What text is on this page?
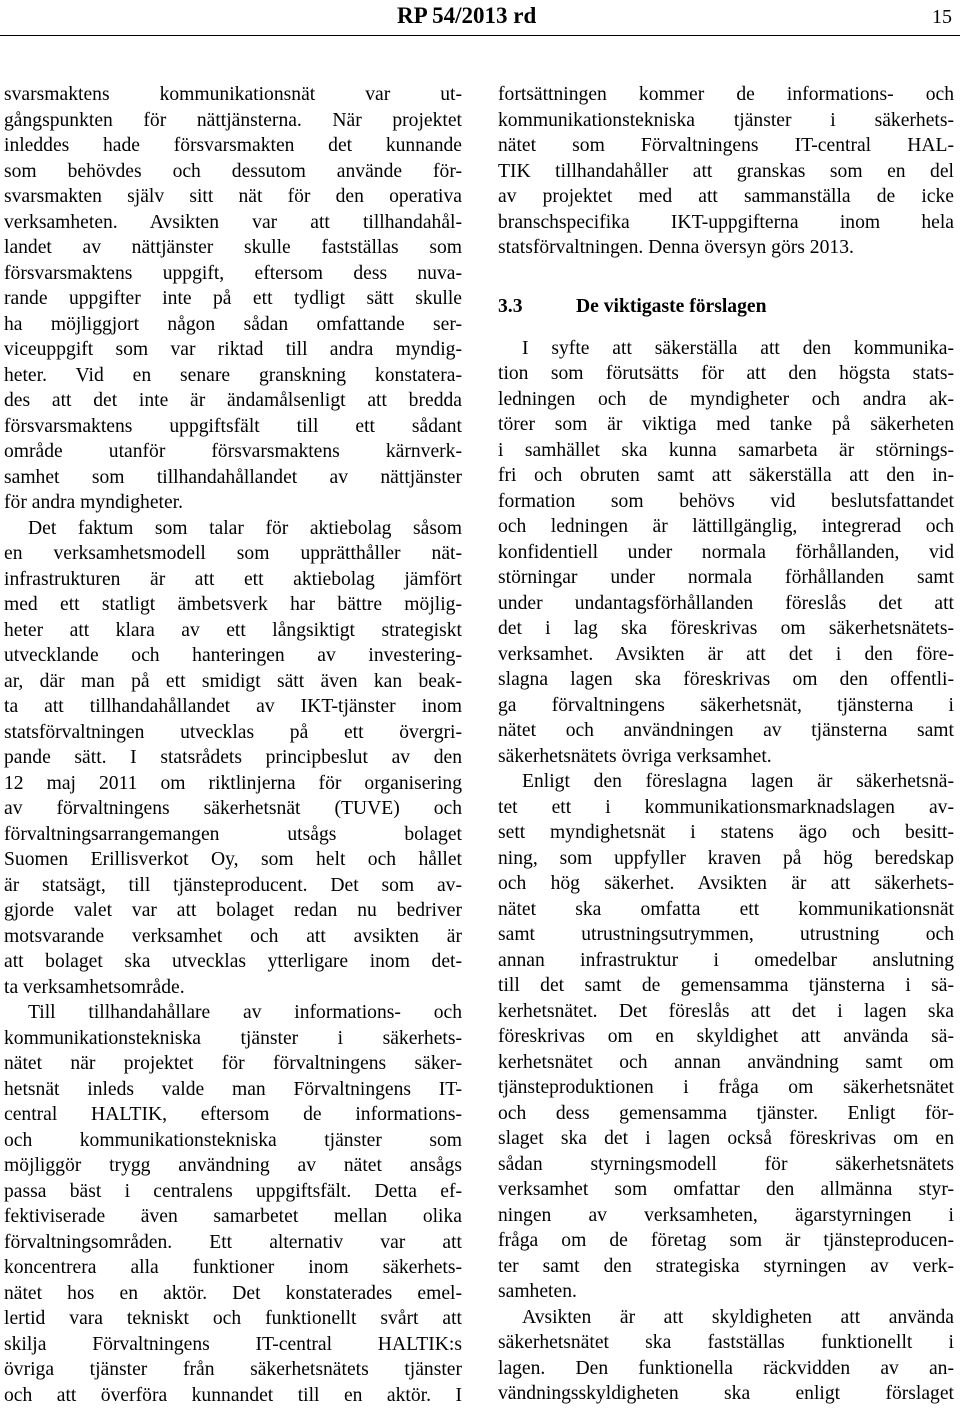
RP 54/2013 rd	15
svarsmaktens kommunikationsnät var ut-
gångspunkten för nättjänsterna. När projektet
inleddes hade försvarsmakten det kunnande
som behövdes och dessutom använde för-
svarsmakten själv sitt nät för den operativa
verksamheten. Avsikten var att tillhandahål-
landet av nättjänster skulle fastställas som
försvarsmaktens uppgift, eftersom dess nuva-
rande uppgifter inte på ett tydligt sätt skulle
ha möjliggjort någon sådan omfattande ser-
viceuppgift som var riktad till andra myndig-
heter. Vid en senare granskning konstatera-
des att det inte är ändamålsenligt att bredda
försvarsmaktens uppgiftsfält till ett sådant
område utanför försvarsmaktens kärnverk-
samhet som tillhandahållandet av nättjänster
för andra myndigheter.
Det faktum som talar för aktiebolag såsom
en verksamhetsmodell som upprätthåller nät-
infrastrukturen är att ett aktiebolag jämfört
med ett statligt ämbetsverk har bättre möjlig-
heter att klara av ett långsiktigt strategiskt
utvecklande och hanteringen av investering-
ar, där man på ett smidigt sätt även kan beak-
ta att tillhandahållandet av IKT-tjänster inom
statsförvaltningen utvecklas på ett övergri-
pande sätt. I statsrådets principbeslut av den
12 maj 2011 om riktlinjerna för organisering
av förvaltningens säkerhetsnät (TUVE) och
förvaltningsarrangemangen utsågs bolaget
Suomen Erillisverkot Oy, som helt och hållet
är statsägt, till tjänsteproducent. Det som av-
gjorde valet var att bolaget redan nu bedriver
motsvarande verksamhet och att avsikten är
att bolaget ska utvecklas ytterligare inom det-
ta verksamhetsområde.
Till tillhandahållare av informations- och
kommunikationstekniska tjänster i säkerhets-
nätet när projektet för förvaltningens säker-
hetsnät inleds valde man Förvaltningens IT-
central HALTIK, eftersom de informations-
och kommunikationstekniska tjänster som
möjliggör trygg användning av nätet ansågs
passa bäst i centralens uppgiftsfält. Detta ef-
fektiviserade även samarbetet mellan olika
förvaltningsområden. Ett alternativ var att
koncentrera alla funktioner inom säkerhets-
nätet hos en aktör. Det konstaterades emel-
lertid vara tekniskt och funktionellt svårt att
skilja Förvaltningens IT-central HALTIK:s
övriga tjänster från säkerhetsnätets tjänster
och att överföra kunnandet till en aktör. I
fortsättningen kommer de informations- och
kommunikationstekniska tjänster i säkerhets-
nätet som Förvaltningens IT-central HAL-
TIK tillhandahåller att granskas som en del
av projektet med att sammanställa de icke
branschspecifika IKT-uppgifterna inom hela
statsförvaltningen. Denna översyn görs 2013.
3.3	De viktigaste förslagen
I syfte att säkerställa att den kommunika-
tion som förutsätts för att den högsta stats-
ledningen och de myndigheter och andra ak-
törer som är viktiga med tanke på säkerheten
i samhället ska kunna samarbeta är störnings-
fri och obruten samt att säkerställa att den in-
formation som behövs vid beslutsfattandet
och ledningen är lättillgänglig, integrerad och
konfidentiell under normala förhållanden, vid
störningar under normala förhållanden samt
under undantagsförhållanden föreslås det att
det i lag ska föreskrivas om säkerhetsnätets-
verksamhet. Avsikten är att det i den före-
slagna lagen ska föreskrivas om den offentli-
ga förvaltningens säkerhetsnät, tjänsterna i
nätet och användningen av tjänsterna samt
säkerhetsnätets övriga verksamhet.
Enligt den föreslagna lagen är säkerhetsnä-
tet ett i kommunikationsmarknadslagen av-
sett myndighetsnät i statens ägo och besitt-
ning, som uppfyller kraven på hög beredskap
och hög säkerhet. Avsikten är att säkerhets-
nätet ska omfatta ett kommunikationsnät
samt utrustningsutrymmen, utrustning och
annan infrastruktur i omedelbar anslutning
till det samt de gemensamma tjänsterna i sä-
kerhetsnätet. Det föreslås att det i lagen ska
föreskrivas om en skyldighet att använda sä-
kerhetsnätet och annan användning samt om
tjänsteproduktionen i fråga om säkerhetsnätet
och dess gemensamma tjänster. Enligt för-
slaget ska det i lagen också föreskrivas om en
sådan styrningsmodell för säkerhetsnätets
verksamhet som omfattar den allmänna styr-
ningen av verksamheten, ägarstyrningen i
fråga om de företag som är tjänsteproducen-
ter samt den strategiska styrningen av verk-
samheten.
Avsikten är att skyldigheten att använda
säkerhetsnätet ska fastställas funktionellt i
lagen. Den funktionella räckvidden av an-
vändningsskyldigheten ska enligt förslaget
